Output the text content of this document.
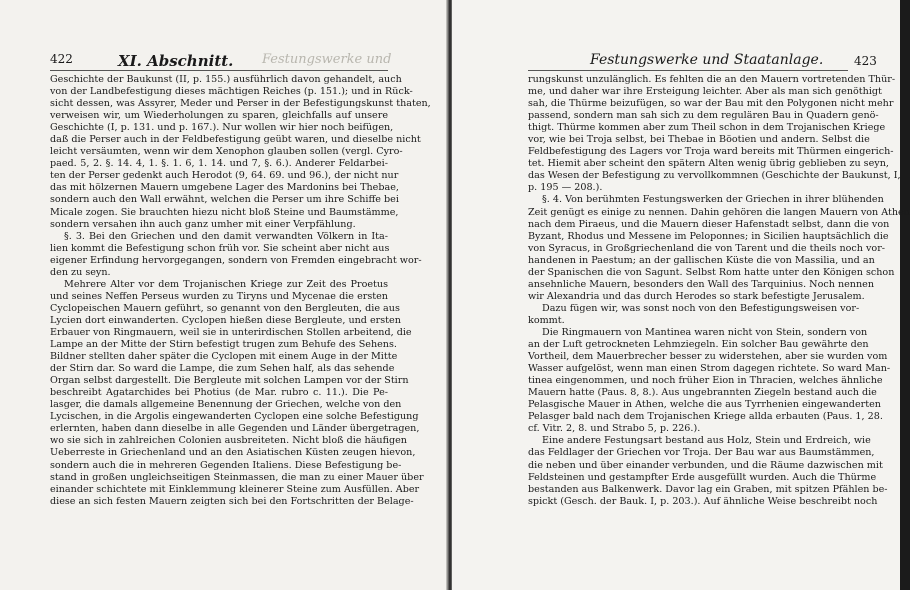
422	XI. Abschnitt. Festungswerke und
Geschichte der Baukunst (II, p. 155.) ausführlich davon gehandelt, auch
von der Landbefestigung dieses mächtigen Reiches (p. 151.); und in Rück-
sicht dessen, was Assyrer, Meder und Perser in der Befestigungskunst thaten,
verweisen wir, um Wiederholungen zu sparen, gleichfalls auf unsere
Geschichte (I, p. 131. und p. 167.). Nur wollen wir hier noch beifügen,
daß die Perser auch in der Feldbefestigung geübt waren, und dieselbe nicht
leicht versäumten, wenn wir dem Xenophon glauben sollen (vergl. Cyro-
paed. 5, 2. §. 14. 4, 1. §. 1. 6, 1. 14. und 7, §. 6.). Anderer Feldarbei-
ten der Perser gedenkt auch Herodot (9, 64. 69. und 96.), der nicht nur
das mit hölzernen Mauern umgebene Lager des Mardonins bei Thebae,
sondern auch den Wall erwähnt, welchen die Perser um ihre Schiffe bei
Micale zogen. Sie brauchten hiezu nicht bloß Steine und Baumstämme,
sondern versahen ihn auch ganz umher mit einer Verpfählung.
§. 3. Bei den Griechen und den damit verwandten Völkern in Ita-
lien kommt die Befestigung schon früh vor. Sie scheint aber nicht aus
eigener Erfindung hervorgegangen, sondern von Fremden eingebracht wor-
den zu seyn.
Mehrere Alter vor dem Trojanischen Kriege zur Zeit des Proetus
und seines Neffen Perseus wurden zu Tiryns und Mycenae die ersten
Cyclopeischen Mauern geführt, so genannt von den Bergleuten, die aus
Lycien dort einwanderten. Cyclopen hießen diese Bergleute, und ersten
Erbauer von Ringmauern, weil sie in unterirdischen Stollen arbeitend, die
Lampe an der Mitte der Stirn befestigt trugen zum Behufe des Sehens.
Bildner stellten daher später die Cyclopen mit einem Auge in der Mitte
der Stirn dar. So ward die Lampe, die zum Sehen half, als das sehende
Organ selbst dargestellt. Die Bergleute mit solchen Lampen vor der Stirn
beschreibt Agatarchides bei Photius (de Mar. rubro c. 11.). Die Pe-
lasger, die damals allgemeine Benennung der Griechen, welche von den
Lycischen, in die Argolis eingewanderten Cyclopen eine solche Befestigung
erlernten, haben dann dieselbe in alle Gegenden und Länder übergetragen,
wo sie sich in zahlreichen Colonien ausbreiteten. Nicht bloß die häufigen
Ueberreste in Griechenland und an den Asiatischen Küsten zeugen hievon,
sondern auch die in mehreren Gegenden Italiens. Diese Befestigung be-
stand in großen ungleichseitigen Steinmassen, die man zu einer Mauer über
einander schichtete mit Einklemmung kleinerer Steine zum Ausfüllen. Aber
diese an sich festen Mauern zeigten sich bei den Fortschritten der Belage-
Festungswerke und Staatanlage.	423
rungskunst unzulänglich. Es fehlten die an den Mauern vortretenden Thür-
me, und daher war ihre Ersteigung leichter. Aber als man sich genöthigt
sah, die Thürme beizufügen, so war der Bau mit den Polygonen nicht mehr
passend, sondern man sah sich zu dem regulären Bau in Quadern genö-
thigt. Thürme kommen aber zum Theil schon in dem Trojanischen Kriege
vor, wie bei Troja selbst, bei Thebae in Böotien und andern. Selbst die
Feldbefestigung des Lagers vor Troja ward bereits mit Thürmen eingerich-
tet. Hiemit aber scheint den spätern Alten wenig übrig geblieben zu seyn,
das Wesen der Befestigung zu vervollkommnen (Geschichte der Baukunst, I,
p. 195 — 208.).
§. 4. Von berühmten Festungswerken der Griechen in ihrer blühenden
Zeit genügt es einige zu nennen. Dahin gehören die langen Mauern von Athen
nach dem Piraeus, und die Mauern dieser Hafenstadt selbst, dann die von
Byzant, Rhodus und Messene im Peloponnes; in Sicilien hauptsächlich die
von Syracus, in Großgriechenland die von Tarent und die theils noch vor-
handenen in Paestum; an der gallischen Küste die von Massilia, und an
der Spanischen die von Sagunt. Selbst Rom hatte unter den Königen schon
ansehnliche Mauern, besonders den Wall des Tarquinius. Noch nennen
wir Alexandria und das durch Herodes so stark befestigte Jerusalem.
Dazu fügen wir, was sonst noch von den Befestigungsweisen vor-
kommt.
Die Ringmauern von Mantinea waren nicht von Stein, sondern von
an der Luft getrockneten Lehmziegeln. Ein solcher Bau gewährte den
Vortheil, dem Mauerbrecher besser zu widerstehen, aber sie wurden vom
Wasser aufgelöst, wenn man einen Strom dagegen richtete. So ward Man-
tinea eingenommen, und noch früher Eion in Thracien, welches ähnliche
Mauern hatte (Paus. 8, 8.). Aus ungebrannten Ziegeln bestand auch die
Pelasgische Mauer in Athen, welche die aus Tyrrhenien eingewanderten
Pelasger bald nach dem Trojanischen Kriege allda erbauten (Paus. 1, 28.
cf. Vitr. 2, 8. und Strabo 5, p. 226.).
Eine andere Festungsart bestand aus Holz, Stein und Erdreich, wie
das Feldlager der Griechen vor Troja. Der Bau war aus Baumstämmen,
die neben und über einander verbunden, und die Räume dazwischen mit
Feldsteinen und gestampfter Erde ausgefüllt wurden. Auch die Thürme
bestanden aus Balkenwerk. Davor lag ein Graben, mit spitzen Pfählen be-
spickt (Gesch. der Bauk. I, p. 203.). Auf ähnliche Weise beschreibt noch
